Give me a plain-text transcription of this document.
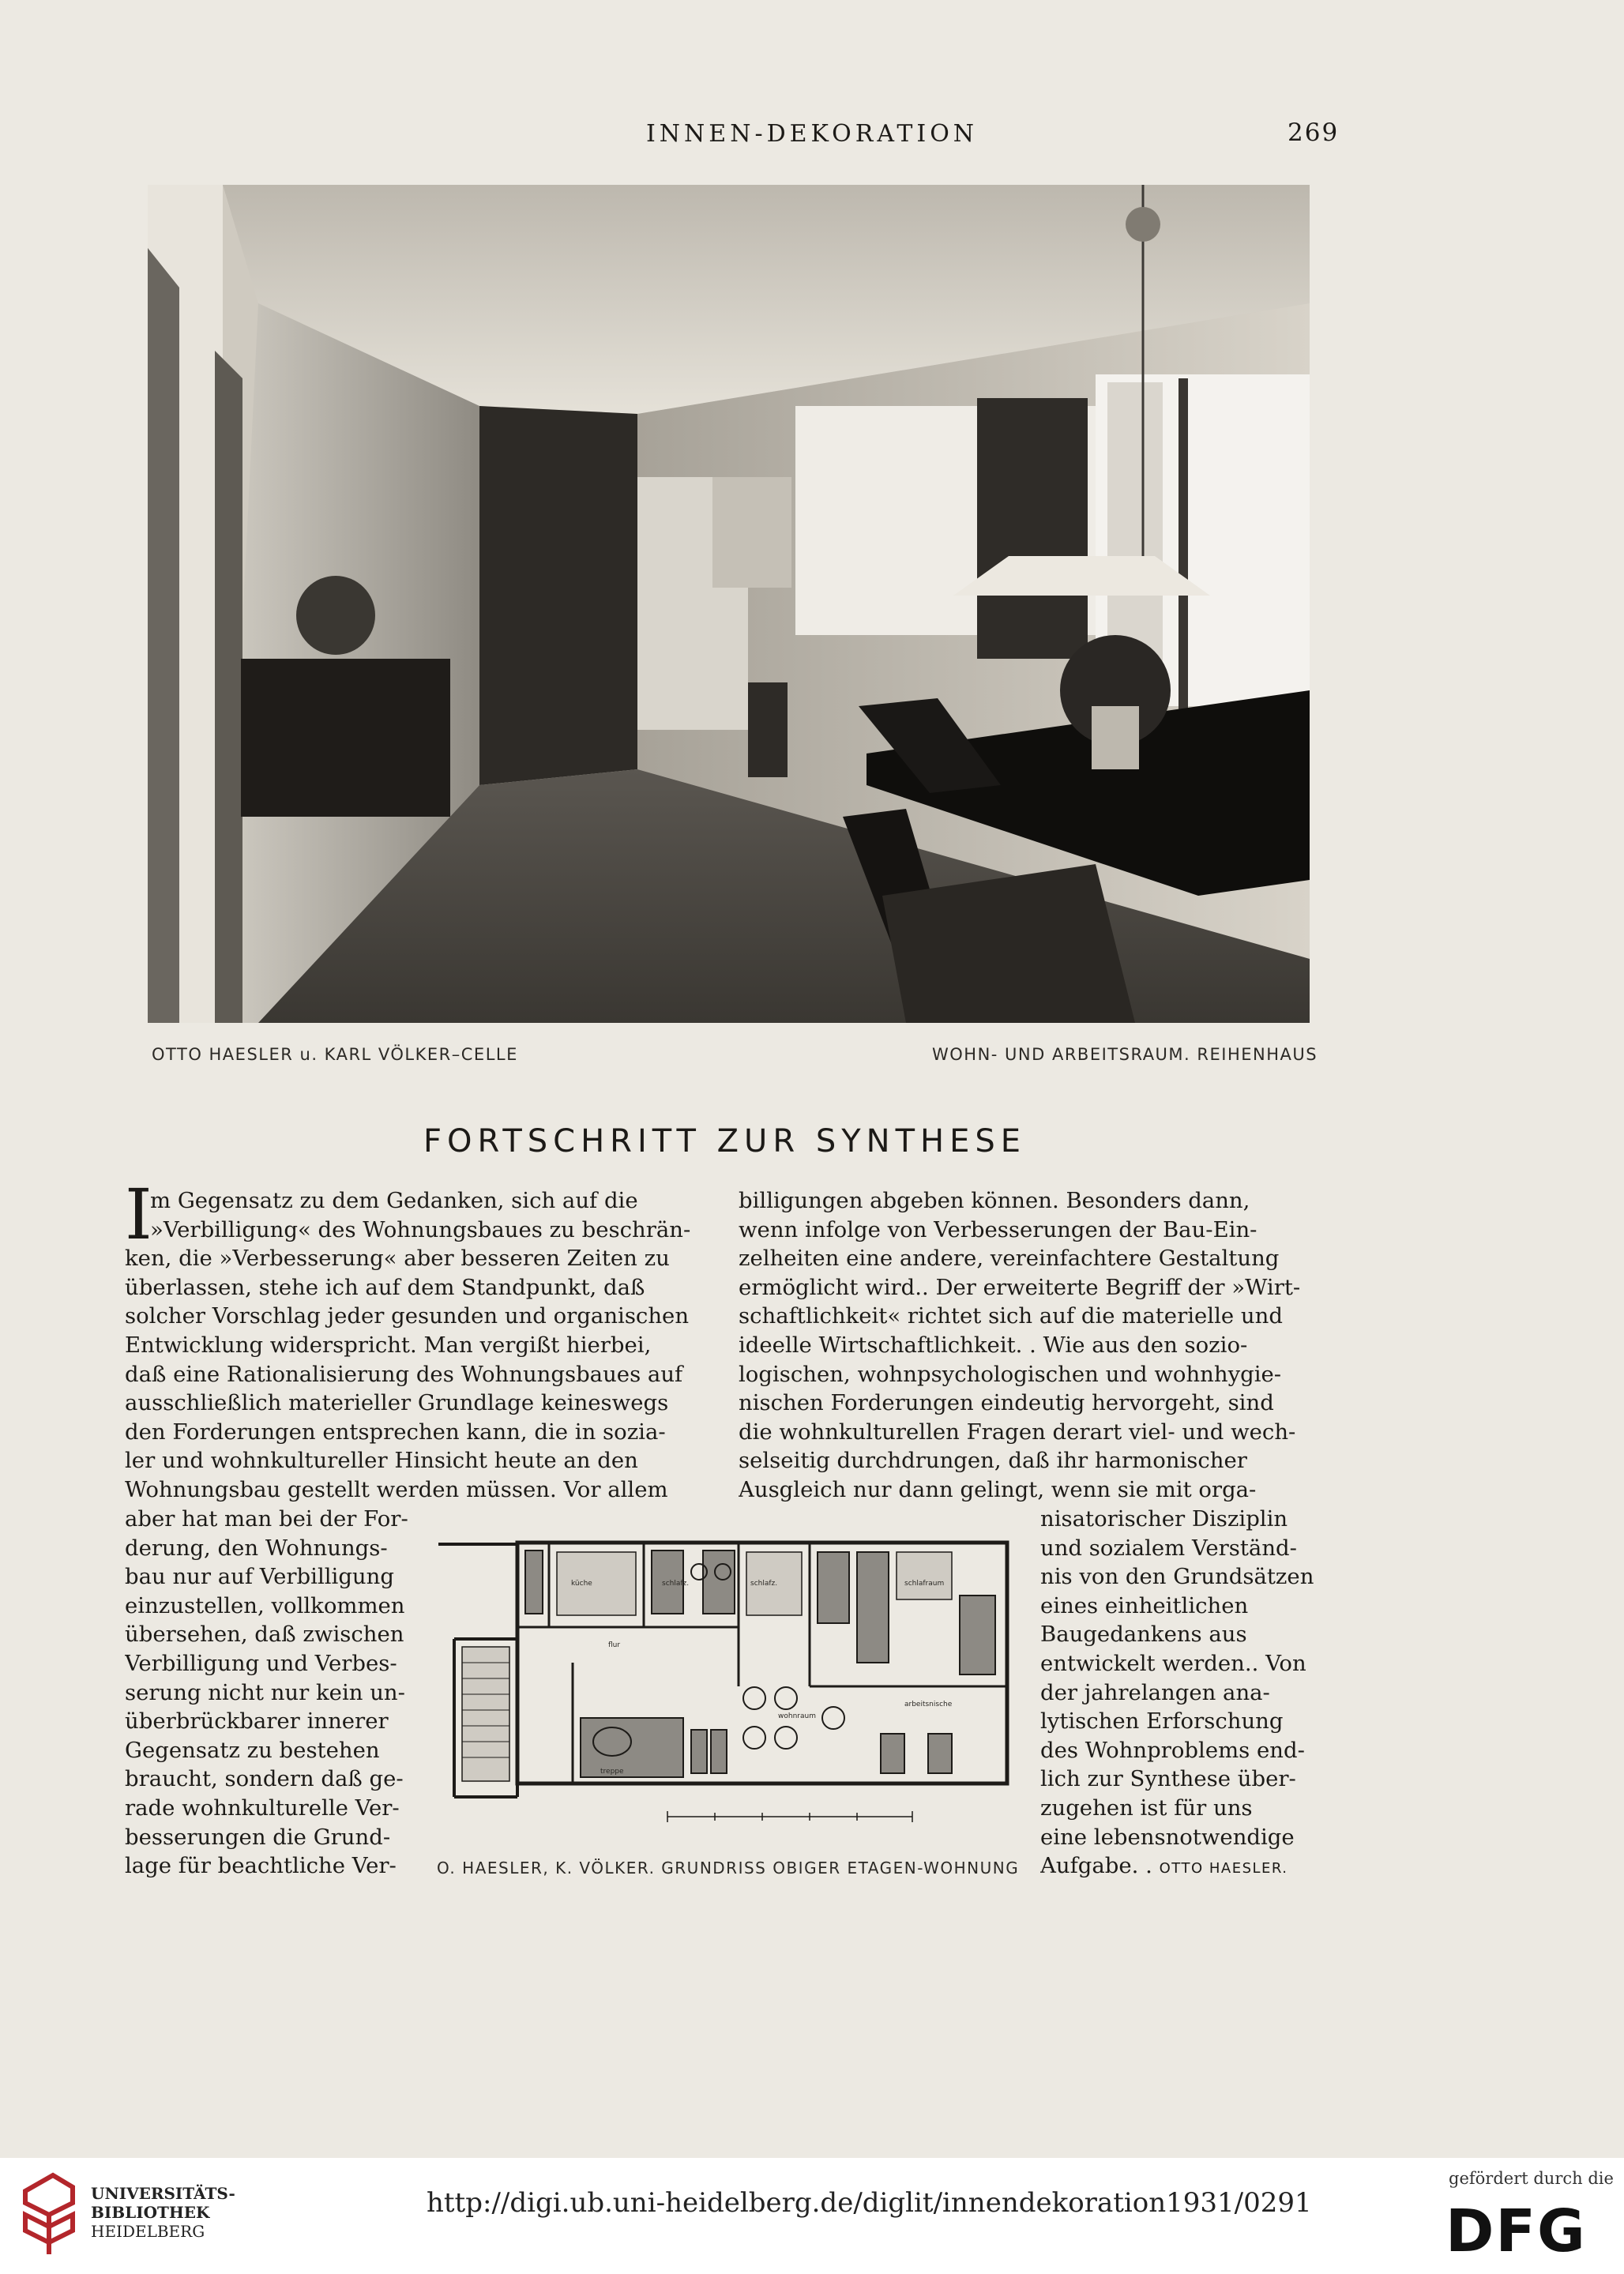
INNEN-DEKORATION	269
OTTO HAESLER u. KARL VÖLKER–CELLE	WOHN- UND ARBEITSRAUM. REIHENHAUS
FORTSCHRITT ZUR SYNTHESE
I
m Gegensatz zu dem Gedanken, sich auf die
»Verbilligung« des Wohnungsbaues zu beschrän-
ken, die »Verbesserung« aber besseren Zeiten zu
überlassen, stehe ich auf dem Standpunkt, daß
solcher Vorschlag jeder gesunden und organischen
Entwicklung widerspricht. Man vergißt hierbei,
daß eine Rationalisierung des Wohnungsbaues auf
ausschließlich materieller Grundlage keineswegs
den Forderungen entsprechen kann, die in sozia-
ler und wohnkultureller Hinsicht heute an den
Wohnungsbau gestellt werden müssen. Vor allem
billigungen abgeben können. Besonders dann,
wenn infolge von Verbesserungen der Bau-Ein-
zelheiten eine andere, vereinfachtere Gestaltung
ermöglicht wird.. Der erweiterte Begriff der »Wirt-
schaftlichkeit« richtet sich auf die materielle und
ideelle Wirtschaftlichkeit. . Wie aus den sozio-
logischen, wohnpsychologischen und wohnhygie-
nischen Forderungen eindeutig hervorgeht, sind
die wohnkulturellen Fragen derart viel- und wech-
selseitig durchdrungen, daß ihr harmonischer
Ausgleich nur dann gelingt, wenn sie mit orga-
aber hat man bei der For-
derung, den Wohnungs-
bau nur auf Verbilligung
einzustellen, vollkommen
übersehen, daß zwischen
Verbilligung und Verbes-
serung nicht nur kein un-
überbrückbarer innerer
Gegensatz zu bestehen
braucht, sondern daß ge-
rade wohnkulturelle Ver-
besserungen die Grund-
lage für beachtliche Ver-
nisatorischer Disziplin
und sozialem Verständ-
nis von den Grundsätzen
eines einheitlichen
Baugedankens aus
entwickelt werden.. Von
der jahrelangen ana-
lytischen Erforschung
des Wohnproblems end-
lich zur Synthese über-
zugehen ist für uns
eine lebensnotwendige
Aufgabe. . OTTO HAESLER.
küche	schlafz.	schlafz.	schlafraum
flur
wohnraum
arbeitsnische
treppe
O. HAESLER, K. VÖLKER. GRUNDRISS OBIGER ETAGEN-WOHNUNG
UNIVERSITÄTS-
BIBLIOTHEK
HEIDELBERG
http://digi.ub.uni-heidelberg.de/diglit/innendekoration1931/0291
gefördert durch die
DFG
